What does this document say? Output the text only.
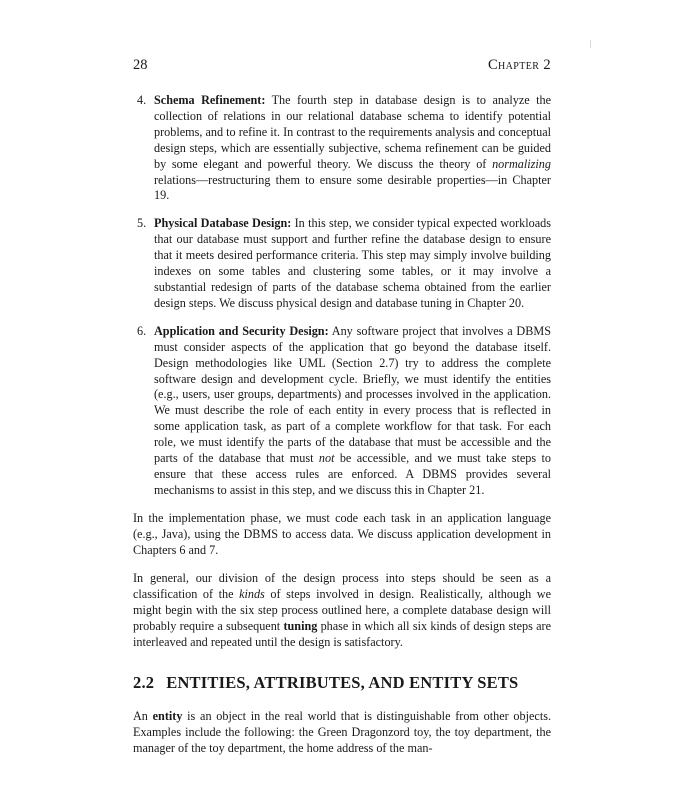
28	Chapter 2
4. Schema Refinement: The fourth step in database design is to analyze the collection of relations in our relational database schema to identify potential problems, and to refine it. In contrast to the requirements analysis and conceptual design steps, which are essentially subjective, schema refinement can be guided by some elegant and powerful theory. We discuss the theory of normalizing relations—restructuring them to ensure some desirable properties—in Chapter 19.
5. Physical Database Design: In this step, we consider typical expected workloads that our database must support and further refine the database design to ensure that it meets desired performance criteria. This step may simply involve building indexes on some tables and clustering some tables, or it may involve a substantial redesign of parts of the database schema obtained from the earlier design steps. We discuss physical design and database tuning in Chapter 20.
6. Application and Security Design: Any software project that involves a DBMS must consider aspects of the application that go beyond the database itself. Design methodologies like UML (Section 2.7) try to address the complete software design and development cycle. Briefly, we must identify the entities (e.g., users, user groups, departments) and processes involved in the application. We must describe the role of each entity in every process that is reflected in some application task, as part of a complete workflow for that task. For each role, we must identify the parts of the database that must be accessible and the parts of the database that must not be accessible, and we must take steps to ensure that these access rules are enforced. A DBMS provides several mechanisms to assist in this step, and we discuss this in Chapter 21.

In the implementation phase, we must code each task in an application language (e.g., Java), using the DBMS to access data. We discuss application development in Chapters 6 and 7.

In general, our division of the design process into steps should be seen as a classification of the kinds of steps involved in design. Realistically, although we might begin with the six step process outlined here, a complete database design will probably require a subsequent tuning phase in which all six kinds of design steps are interleaved and repeated until the design is satisfactory.

2.2 ENTITIES, ATTRIBUTES, AND ENTITY SETS

An entity is an object in the real world that is distinguishable from other objects. Examples include the following: the Green Dragonzord toy, the toy department, the manager of the toy department, the home address of the man-
